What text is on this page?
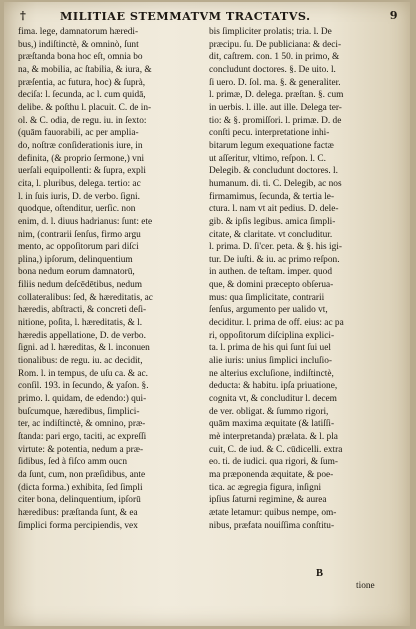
†	MILITIAE STEMMATVM TRACTATVS.	9
fima. lege, damnatorum hæredi-
bus,) indiſtinctè, & omninò, ſunt
præſtanda bona hoc eſt, omnia bo
na, & mobilia, ac ſtabilia, & iura, &
præſentia, ac futura, hoc) & ſuprà,
deciſa: l. ſecunda, ac l. cum quidā,
delibe. & poſthu l. placuit. C. de in-
ol. & C. odia, de regu. iu. in ſexto:
(quām fauorabili, ac per amplia-
do, noſtræ conſiderationis iure, in
definita, (& proprio ſermone,) vni
uerſali equipollenti: & ſupra, expli
cita, l. pluribus, delega. tertio: ac
l. in ſuis iuris, D. de verbo. ſigni.
quodque, oſtenditur, uerſic. non
enim, d. l. diuus hadrianus: ſunt: ete
nim, (contrarii ſenſus, firmo argu
mento, ac oppoſitorum pari diſci
plina,) ipſorum, delinquentium
bona nedum eorum damnatorū,
filiis nedum deſcēdētibus, nedum
collateralibus: ſed, & hæreditatis, ac
hæredis, abſtracti, & concreti deſi-
nitione, poſita, l. hæreditatis, & l.
hæredis appellatione, D. de verbo.
ſigni. ad l. hæreditas, & l. inconuen
tionalibus: de regu. iu. ac decidit,
Rom. l. in tempus, de uſu ca. & ac.
conſil. 193. in ſecundo, & yaſon. §.
primo. l. quidam, de edendo:) qui-
buſcumque, hæredibus, ſimplici-
ter, ac indiſtinctè, & omnino, præ-
ſtanda: pari ergo, taciti, ac expreſſi
virtute: & potentia, nedum a præ-
ſidibus, ſed à fiſco amm oucn
da ſunt, cum, non præſidibus, ante
(dicta forma.) exhibita, ſed ſimpli
citer bona, delinquentium, ipſorū
hæredibus: præſtanda ſunt, & ea
ſimplici forma percipiendis, vex
bis ſimpliciter prolatis; tria. l. De
præcipu. ſu. De publiciana: & deci-
dit, caſtrem. con. 1 50. in primo, &
concludunt doctores. §. De uito. l.
ſi uero. D. ſol. ma. §. & generaliter.
l. primæ, D. delega. præſtan. §. cum
in uerbis. l. ille. aut ille. Delega ter-
tio: & §. promiſſori. l. primæ. D. de
conſti pecu. interpretatione inhi-
bitarum legum exequatione factæ
ut aſſeritur, vltimo, reſpon. l. C.
Delegib. & concludunt doctores. l.
humanum. di. ti. C. Delegib, ac nos
firmamimus, ſecunda, & tertia le-
ctura. l. nam vt ait pedius. D. dele-
gib. & ipſis legibus. amica ſimpli-
citate, & claritate. vt concluditur.
l. prima. D. ſi'cer. peta. & §. his igi-
tur. De iuſti. & iu. ac primo reſpon.
in authen. de teſtam. imper. quod
que, & domini præcepto obſerua-
mus: qua ſimplicitate, contrarii
ſenſus, argumento per ualido vt,
deciditur. l. prima de off. eius: ac pa
ri, oppoſitorum diſciplina explici-
ta. l. prima de his qui ſunt ſui uel
alie iuris: unius ſimplici incluſio-
ne alterius excluſione, indiſtinctè,
deducta: & habitu. ipſa priuatione,
cognita vt, & concluditur l. decem
de ver. obligat. & ſummo rigori,
quām maxima æquitate (& latiſſi-
mè interpretanda) prælata. & l. pla
cuit, C. de iud. & C. cūdicelli. extra
eo. ti. de iudici. qua rigori, & ſum-
ma præponenda æquitate, & poe-
tica. ac ægregia figura, inſigni
ipſius ſaturni regimine, & aurea
ætate letamur: quibus nempe, om-
nibus, præfata nouiſſima conſtitu-
B
tione
